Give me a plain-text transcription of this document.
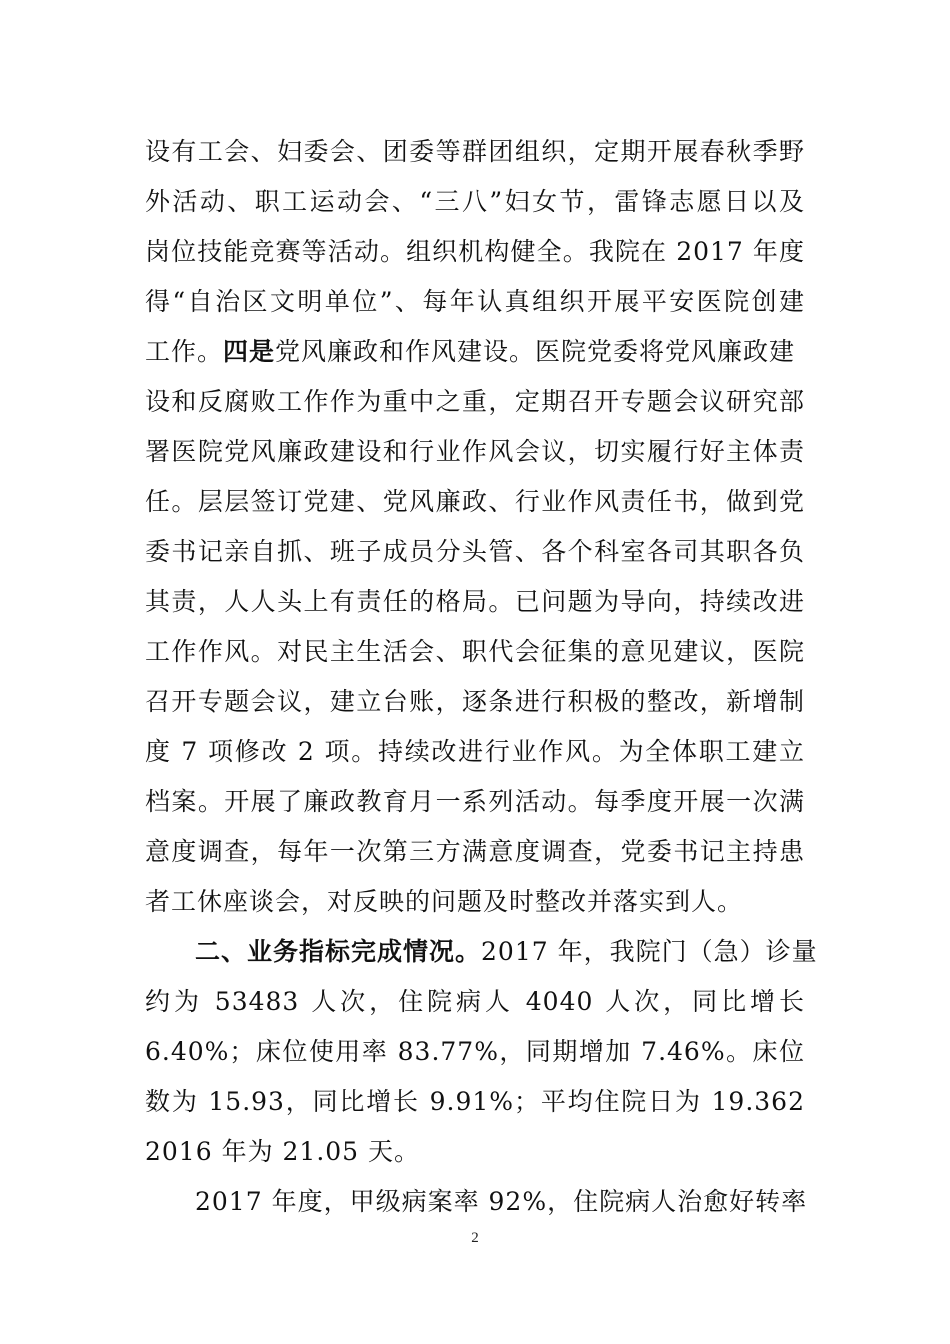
设有工会、妇委会、团委等群团组织，定期开展春秋季野
外活动、职工运动会、“三八”妇女节，雷锋志愿日以及
岗位技能竞赛等活动。组织机构健全。我院在 2017 年度
得“自治区文明单位”、每年认真组织开展平安医院创建
工作。四是党风廉政和作风建设。医院党委将党风廉政建
设和反腐败工作作为重中之重，定期召开专题会议研究部
署医院党风廉政建设和行业作风会议，切实履行好主体责
任。层层签订党建、党风廉政、行业作风责任书，做到党
委书记亲自抓、班子成员分头管、各个科室各司其职各负
其责，人人头上有责任的格局。已问题为导向，持续改进
工作作风。对民主生活会、职代会征集的意见建议，医院
召开专题会议，建立台账，逐条进行积极的整改，新增制
度 7 项修改 2 项。持续改进行业作风。为全体职工建立
档案。开展了廉政教育月一系列活动。每季度开展一次满
意度调查，每年一次第三方满意度调查，党委书记主持患
者工休座谈会，对反映的问题及时整改并落实到人。
二、业务指标完成情况。2017 年，我院门（急）诊量
约为 53483 人次，住院病人 4040 人次，同比增长
6.40%；床位使用率 83.77%，同期增加 7.46%。床位
数为 15.93，同比增长 9.91%；平均住院日为 19.362
2016 年为 21.05 天。
2017 年度，甲级病案率 92%，住院病人治愈好转率
2
